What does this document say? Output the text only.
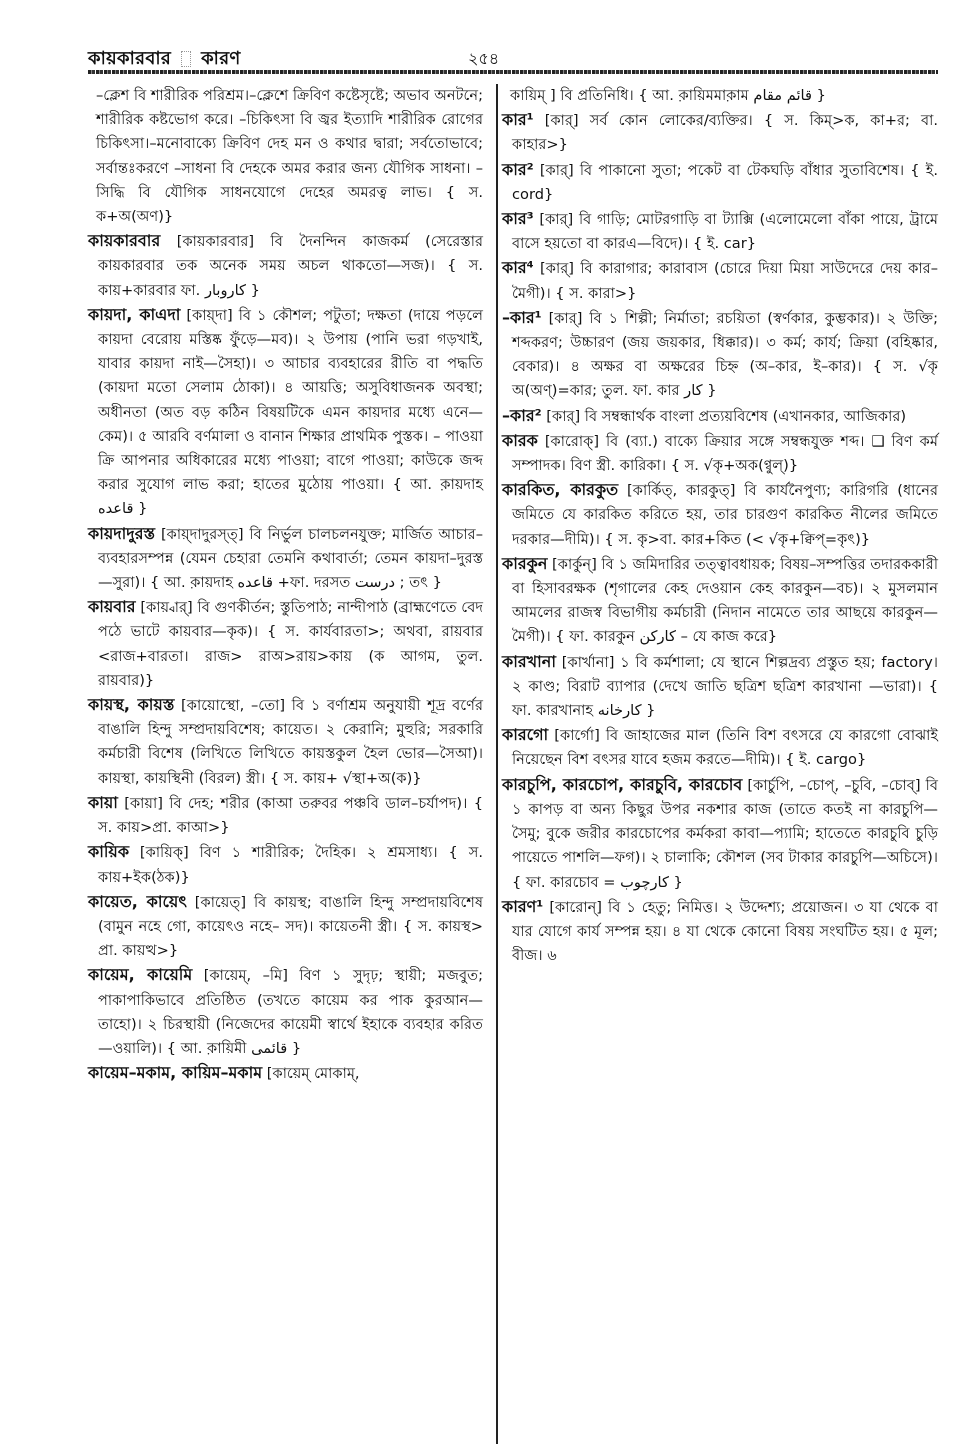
কায়কারবার কারণ	২৫৪

–ক্লেশ বি শারীরিক পরিশ্রম।–ক্লেশে ক্রিবিণ কষ্টেসৃষ্টে; অভাব অনটনে; শারীরিক কষ্টভোগ করে। –চিকিৎসা বি জ্বর ইত্যাদি শারীরিক রোগের চিকিৎসা।–মনোবাক্যে ক্রিবিণ দেহ মন ও কথার দ্বারা; সর্বতোভাবে; সর্বান্তঃকরণে –সাধনা বি দেহকে অমর করার জন্য যৌগিক সাধনা। –সিদ্ধি বি যৌগিক সাধনযোগে দেহের অমরত্ব লাভ। { স. ক+অ(অণ)}

কায়কারবার [কায়কারবার] বি দৈনন্দিন কাজকর্ম (সেরেস্তার কায়কারবার তক অনেক সময় অচল থাকতো—সজ)। { স. কায়+কারবার ফা. کاروبار }

কায়দা, কাএদা [কায়্দা] বি ১ কৌশল; পটুতা; দক্ষতা (দায়ে পড়লে কায়দা বেরোয় মস্তিষ্ক ফুঁড়ে—মব)। ২ উপায় (পানি ভরা গড়খাই, যাবার কায়দা নাই—সৈহা)। ৩ আচার ব্যবহারের রীতি বা পদ্ধতি (কায়দা মতো সেলাম ঠোকা)। ৪ আয়ত্তি; অসুবিধাজনক অবস্থা; অধীনতা (অত বড় কঠিন বিষয়টিকে এমন কায়দার মধ্যে এনে—কেম)। ৫ আরবি বর্ণমালা ও বানান শিক্ষার প্রাথমিক পুস্তক। – পাওয়া ক্রি আপনার অধিকারের মধ্যে পাওয়া; বাগে পাওয়া; কাউকে জব্দ করার সুযোগ লাভ করা; হাতের মুঠোয় পাওয়া। { আ. ক়ায়দাহ قاعده }

কায়দাদুরস্ত [কায়্দাদুরস্ত্] বি নির্ভুল চালচলনযুক্ত; মার্জিত আচার–ব্যবহারসম্পন্ন (যেমন চেহারা তেমনি কথাবার্তা; তেমন কায়দা–দুরস্ত—সুরা)। { আ. ক়ায়দাহ قاعده +ফা. দরসত درست ; তৎ }

কায়বার [কায়্বার্] বি গুণকীর্তন; স্তুতিপাঠ; নান্দীপাঠ (ব্রাহ্মণেতে বেদ পঠে ভাটে কায়বার—কৃক)। { স. কার্যবারতা>; অথবা, রায়বার <রাজ+বারতা। রাজ> রাঅ>রায়>কায় (ক আগম, তুল. রায়বার)}

কায়স্থ, কায়স্ত [কায়োস্থো, –তো] বি ১ বর্ণাশ্রম অনুযায়ী শূদ্র বর্ণের বাঙালি হিন্দু সম্প্রদায়বিশেষ; কায়েত। ২ কেরানি; মুহুরি; সরকারি কর্মচারী বিশেষ (লিখিতে লিখিতে কায়স্তকুল হৈল ভোর—সৈআ)। কায়স্থা, কায়স্থিনী (বিরল) স্ত্রী। { স. কায়+ √স্থা+অ(ক)}

কায়া [কায়া] বি দেহ; শরীর (কাআ তরুবর পঞ্চবি ডাল–চর্যাপদ)। { স. কায়>প্রা. কাআ>}

কায়িক [কায়িক্] বিণ ১ শারীরিক; দৈহিক। ২ শ্রমসাধ্য। { স. কায়+ইক(ঠক)}

কায়েত, কায়েৎ [কায়েত্] বি কায়স্থ; বাঙালি হিন্দু সম্প্রদায়বিশেষ (বামুন নহে গো, কায়েৎও নহে– সদ)। কায়েতনী স্ত্রী। { স. কায়স্থ> প্রা. কায়ত্থ>}

কায়েম, কায়েমি [কায়েম্, –মি] বিণ ১ সুদৃঢ়; স্থায়ী; মজবুত; পাকাপাকিভাবে প্রতিষ্ঠিত (তখতে কায়েম কর পাক কুরআন—তাহো)। ২ চিরস্থায়ী (নিজেদের কায়েমী স্বার্থে ইহাকে ব্যবহার করিত—ওয়ালি)। { আ. ক়ায়িমী قائمی }

কায়েম–মকাম, কায়িম–মকাম [কায়েম্ মোকাম্,

কায়িম্ ] বি প্রতিনিধি। { আ. ক়ায়িমমাক়াম قائم مقام }

কার¹ [কার্] সর্ব কোন লোকের/ব্যক্তির। { স. কিম্>ক, কা+র; বা. কাহার>}

কার² [কার্] বি পাকানো সুতা; পকেট বা টেকঘড়ি বাঁধার সুতাবিশেষ। { ই. cord}

কার³ [কার্] বি গাড়ি; মোটরগাড়ি বা ট্যাক্সি (এলোমেলো বাঁকা পায়ে, ট্রামে বাসে হয়তো বা কারএ—বিদে)। { ই. car}

কার⁴ [কার্] বি কারাগার; কারাবাস (চোরে দিয়া মিয়া সাউদেরে দেয় কার– মৈগী)। { স. কারা>}

–কার¹ [কার্] বি ১ শিল্পী; নির্মাতা; রচয়িতা (স্বর্ণকার, কুম্ভকার)। ২ উক্তি; শব্দকরণ; উচ্চারণ (জয় জয়কার, ধিক্কার)। ৩ কর্ম; কার্য; ক্রিয়া (বহিষ্কার, বেকার)। ৪ অক্ষর বা অক্ষরের চিহ্ন (অ–কার, ই–কার)। { স. √কৃ অ(অণ্)=কার; তুল. ফা. কার کار }

–কার² [কার্] বি সম্বন্ধার্থক বাংলা প্রত্যয়বিশেষ (এখানকার, আজিকার)

কারক [কারোক্] বি (ব্যা.) বাক্যে ক্রিয়ার সঙ্গে সম্বন্ধযুক্ত শব্দ। ❑ বিণ কর্ম সম্পাদক। বিণ স্ত্রী. কারিকা। { স. √কৃ+অক(ণ্বুল্)}

কারকিত, কারকুত [কার্কিত্, কারকুত্] বি কার্যনৈপুণ্য; কারিগরি (ধানের জমিতে যে কারকিত করিতে হয়, তার চারগুণ কারকিত নীলের জমিতে দরকার—দীমি)। { স. কৃ>বা. কার+কিত (< √কৃ+ক্বিপ্=কৃৎ)}

কারকুন [কার্কুন্] বি ১ জমিদারির তত্ত্বাবধায়ক; বিষয়–সম্পত্তির তদারককারী বা হিসাবরক্ষক (শৃগালের কেহ দেওয়ান কেহ কারকুন—বচ)। ২ মুসলমান আমলের রাজস্ব বিভাগীয় কর্মচারী (নিদান নামেতে তার আছয়ে কারকুন—মৈগী)। { ফা. কারকুন کارکن – যে কাজ করে}

কারখানা [কার্খানা] ১ বি কর্মশালা; যে স্থানে শিল্পদ্রব্য প্রস্তুত হয়; factory। ২ কাণ্ড; বিরাট ব্যাপার (দেখে জাতি ছত্রিশ ছত্রিশ কারখানা —ভারা)। { ফা. কারখানাহ کارخانه }

কারগো [কার্গো] বি জাহাজের মাল (তিনি বিশ বৎসরে যে কারগো বোঝাই নিয়েছেন বিশ বৎসর যাবে হজম করতে—দীমি)। { ই. cargo}

কারচুপি, কারচোপ, কারচুবি, কারচোব [কার্চুপি, –চোপ্, –চুবি, –চোব্] বি ১ কাপড় বা অন্য কিছুর উপর নকশার কাজ (তাতে কতই না কারচুপি—সৈমু; বুকে জরীর কারচোপের কর্মকরা কাবা—প্যামি; হাতেতে কারচুবি চুড়ি পায়েতে পাশলি—ফগ)। ২ চালাকি; কৌশল (সব টাকার কারচুপি—অচিসে)। { ফা. কারচোব = کارچوب }

কারণ¹ [কারোন্] বি ১ হেতু; নিমিত্ত। ২ উদ্দেশ্য; প্রয়োজন। ৩ যা থেকে বা যার যোগে কার্য সম্পন্ন হয়। ৪ যা থেকে কোনো বিষয় সংঘটিত হয়। ৫ মূল; বীজ। ৬
